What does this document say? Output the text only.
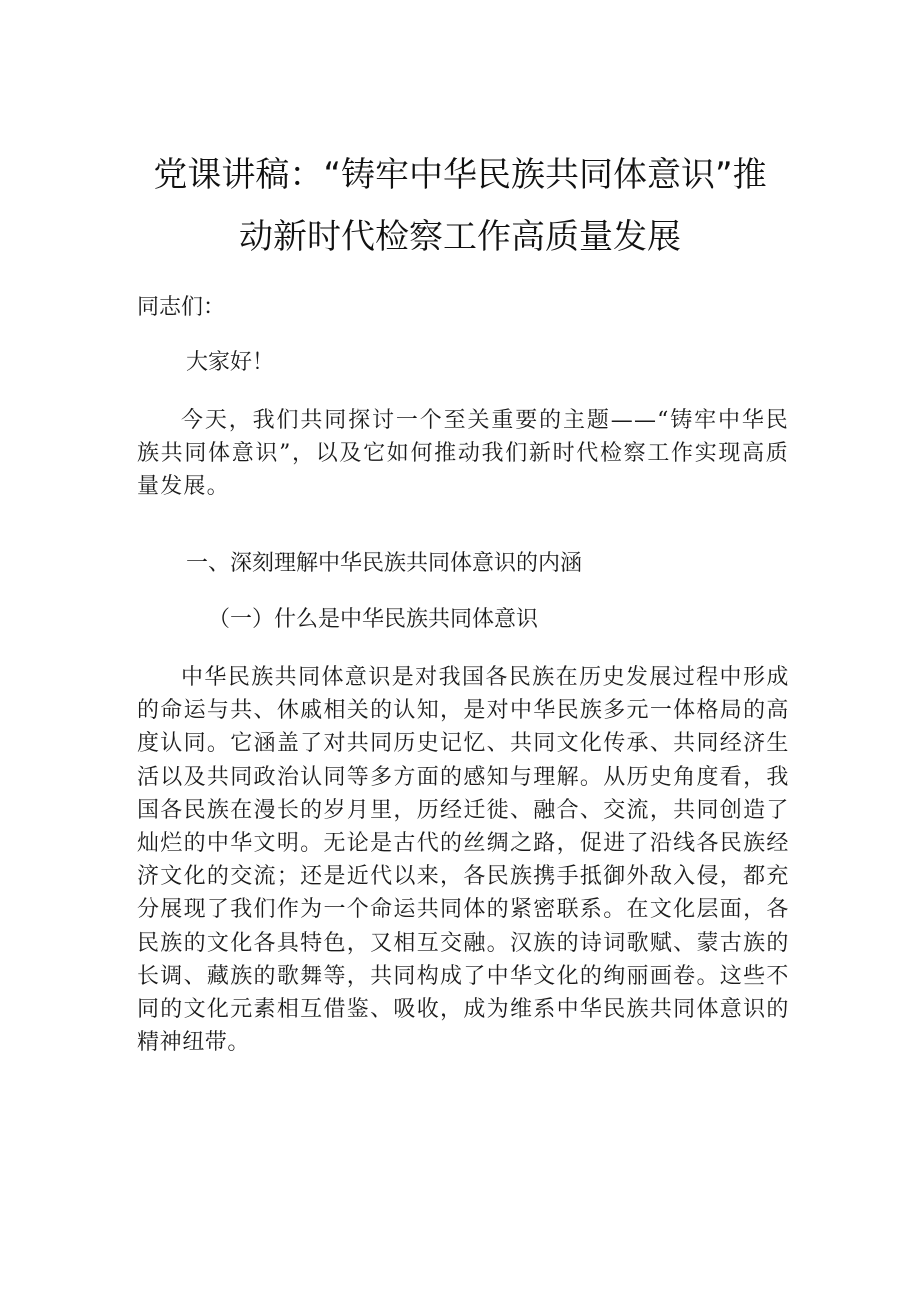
党课讲稿：“铸牢中华民族共同体意识”推
动新时代检察工作高质量发展
同志们：
大家好！

今天，我们共同探讨一个至关重要的主题——“铸牢中华民族共同体意识”，以及它如何推动我们新时代检察工作实现高质量发展。

一、深刻理解中华民族共同体意识的内涵
（一）什么是中华民族共同体意识

中华民族共同体意识是对我国各民族在历史发展过程中形成的命运与共、休戚相关的认知，是对中华民族多元一体格局的高度认同。它涵盖了对共同历史记忆、共同文化传承、共同经济生活以及共同政治认同等多方面的感知与理解。从历史角度看，我国各民族在漫长的岁月里，历经迁徙、融合、交流，共同创造了灿烂的中华文明。无论是古代的丝绸之路，促进了沿线各民族经济文化的交流；还是近代以来，各民族携手抵御外敌入侵，都充分展现了我们作为一个命运共同体的紧密联系。在文化层面，各民族的文化各具特色，又相互交融。汉族的诗词歌赋、蒙古族的长调、藏族的歌舞等，共同构成了中华文化的绚丽画卷。这些不同的文化元素相互借鉴、吸收，成为维系中华民族共同体意识的精神纽带。
